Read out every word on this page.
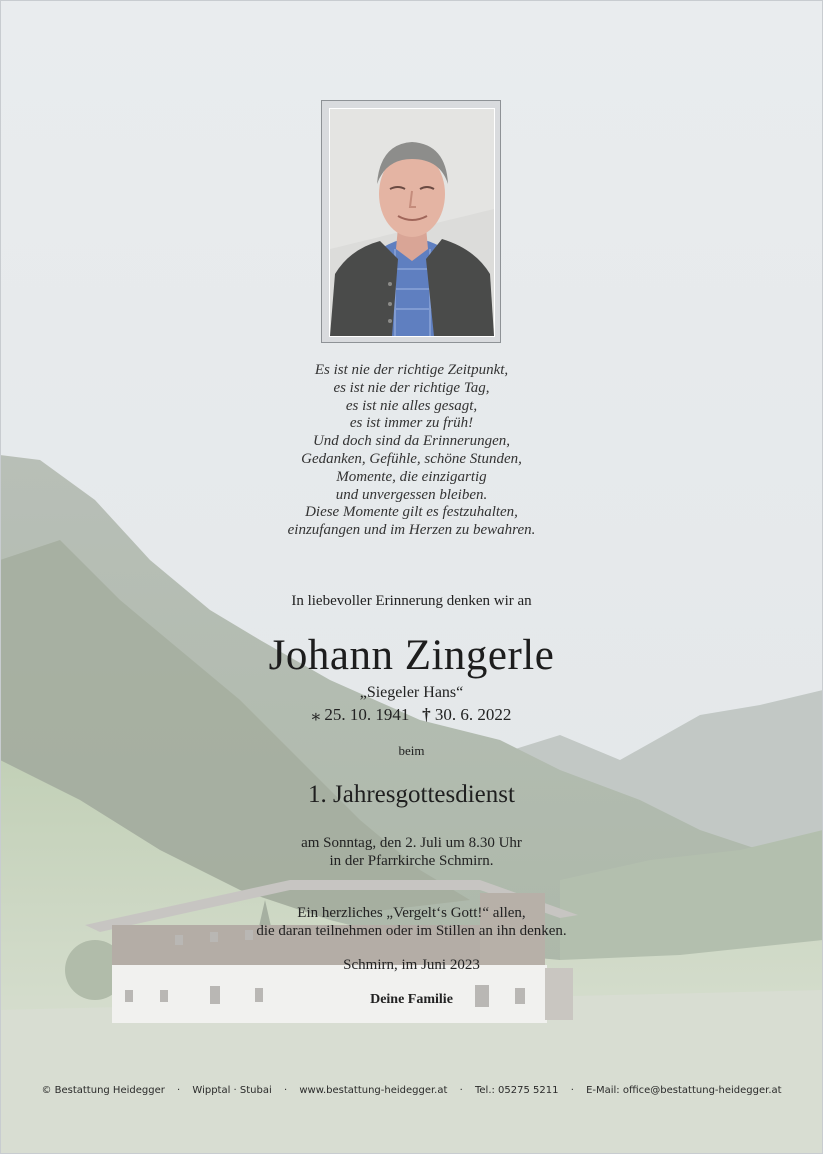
Es ist nie der richtige Zeitpunkt,
es ist nie der richtige Tag,
es ist nie alles gesagt,
es ist immer zu früh!
Und doch sind da Erinnerungen,
Gedanken, Gefühle, schöne Stunden,
Momente, die einzigartig
und unvergessen bleiben.
Diese Momente gilt es festzuhalten,
einzufangen und im Herzen zu bewahren.
In liebevoller Erinnerung denken wir an
Johann Zingerle
„Siegeler Hans“
⁎ 25. 10. 1941 † 30. 6. 2022
beim
1. Jahresgottesdienst
am Sonntag, den 2. Juli um 8.30 Uhr
in der Pfarrkirche Schmirn.
Ein herzliches „Vergelt‘s Gott!“ allen,
die daran teilnehmen oder im Stillen an ihn denken.
Schmirn, im Juni 2023
Deine Familie
© Bestattung Heidegger · Wipptal · Stubai · www.bestattung-heidegger.at · Tel.: 05275 5211 · E-Mail: office@bestattung-heidegger.at
